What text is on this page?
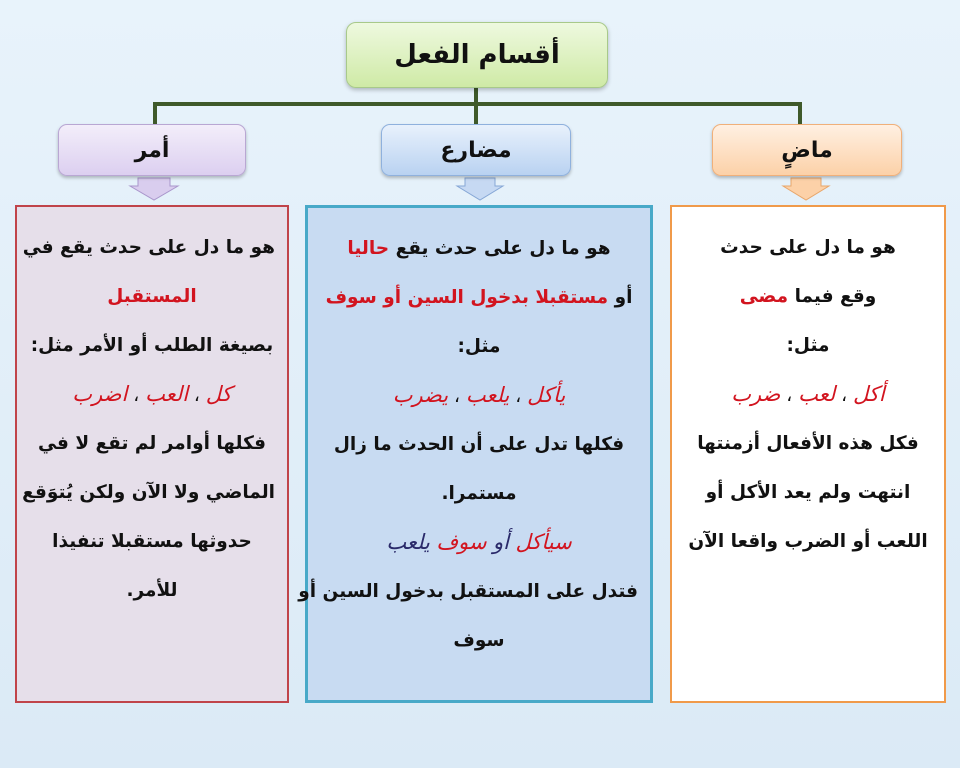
أقسام الفعل
أمر	مضارع	ماضٍ
هو ما دل على حدث يقع في
المستقبل
بصيغة الطلب أو الأمر مثل:
كل ، العب ، اضرب
فكلها أوامر لم تقع لا في
الماضي ولا الآن ولكن يُتوَقع
حدوثها مستقبلا تنفيذا
للأمر.
هو ما دل على حدث يقع حاليا
أو مستقبلا بدخول السين أو سوف
مثل:
يأكل ، يلعب ، يضرب
فكلها تدل على أن الحدث ما زال
مستمرا.
سيأكل أو سوف يلعب
فتدل على المستقبل بدخول السين أو
سوف
هو ما دل على حدث
وقع فيما مضى
مثل:
أكل ، لعب ، ضرب
فكل هذه الأفعال أزمنتها
انتهت ولم يعد الأكل أو
اللعب أو الضرب واقعا الآن
